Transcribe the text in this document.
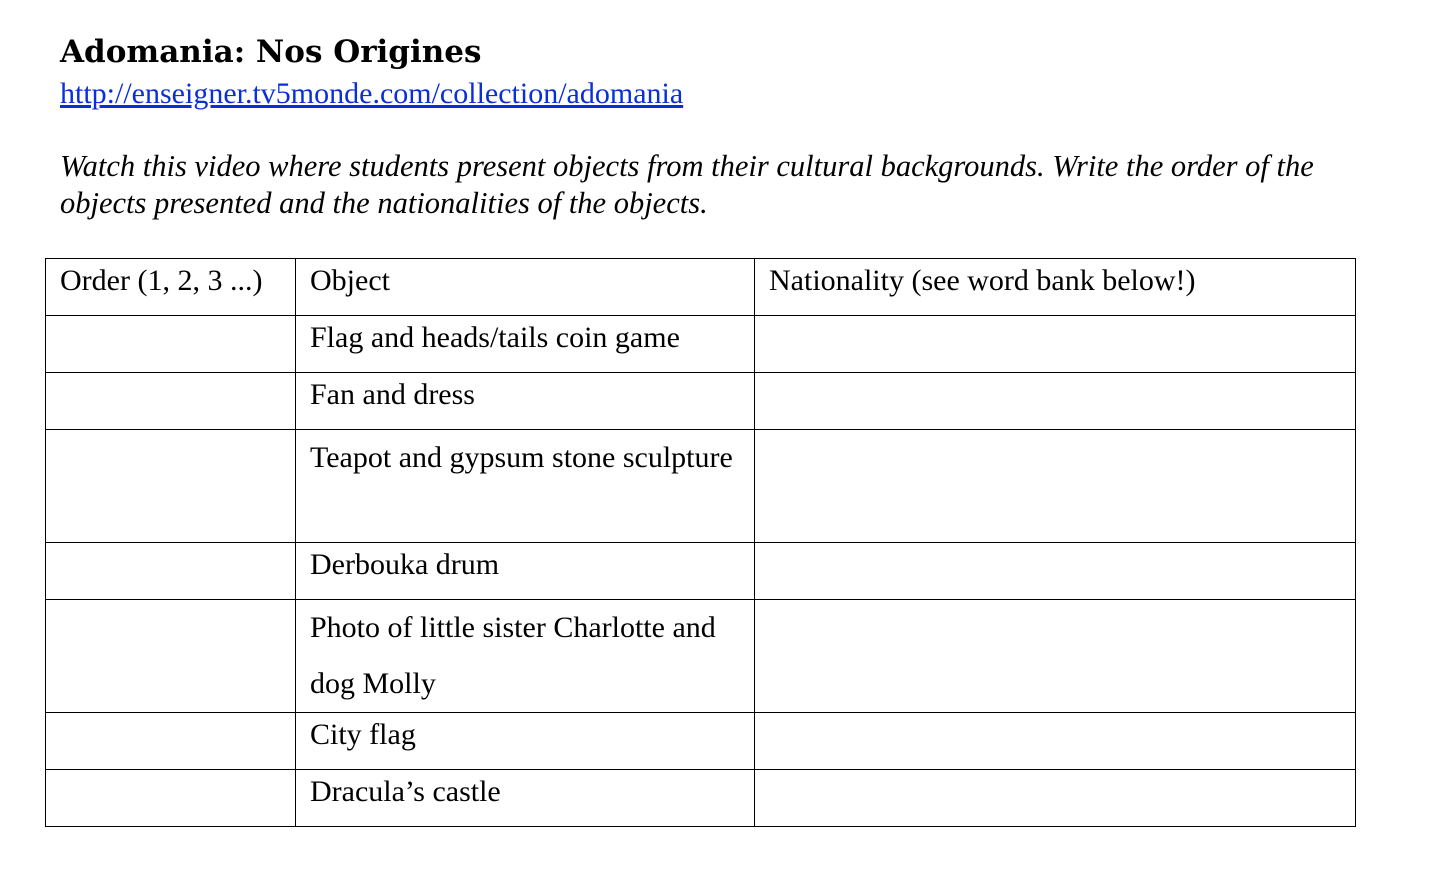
Adomania: Nos Origines
http://enseigner.tv5monde.com/collection/adomania

Watch this video where students present objects from their cultural backgrounds. Write the order of the objects presented and the nationalities of the objects.

Order (1, 2, 3 ...)	Object	Nationality (see word bank below!)
	Flag and heads/tails coin game	
	Fan and dress	
	Teapot and gypsum stone sculpture	
	Derbouka drum	
	Photo of little sister Charlotte and dog Molly	
	City flag	
	Dracula’s castle	
